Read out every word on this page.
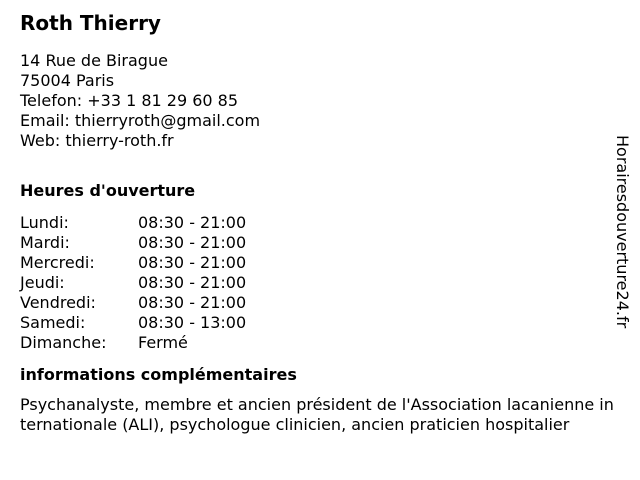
Roth Thierry
14 Rue de Birague
75004 Paris
Telefon: +33 1 81 29 60 85
Email: thierryroth@gmail.com
Web: thierry-roth.fr
Heures d'ouverture
Lundi:	08:30 - 21:00
Mardi:	08:30 - 21:00
Mercredi:	08:30 - 21:00
Jeudi:	08:30 - 21:00
Vendredi:	08:30 - 21:00
Samedi:	08:30 - 13:00
Dimanche:	Fermé
informations complémentaires

Psychanalyste, membre et ancien président de l'Association lacanienne internationale (ALI), psychologue clinicien, ancien praticien hospitalier

Horairesdouverture24.fr
